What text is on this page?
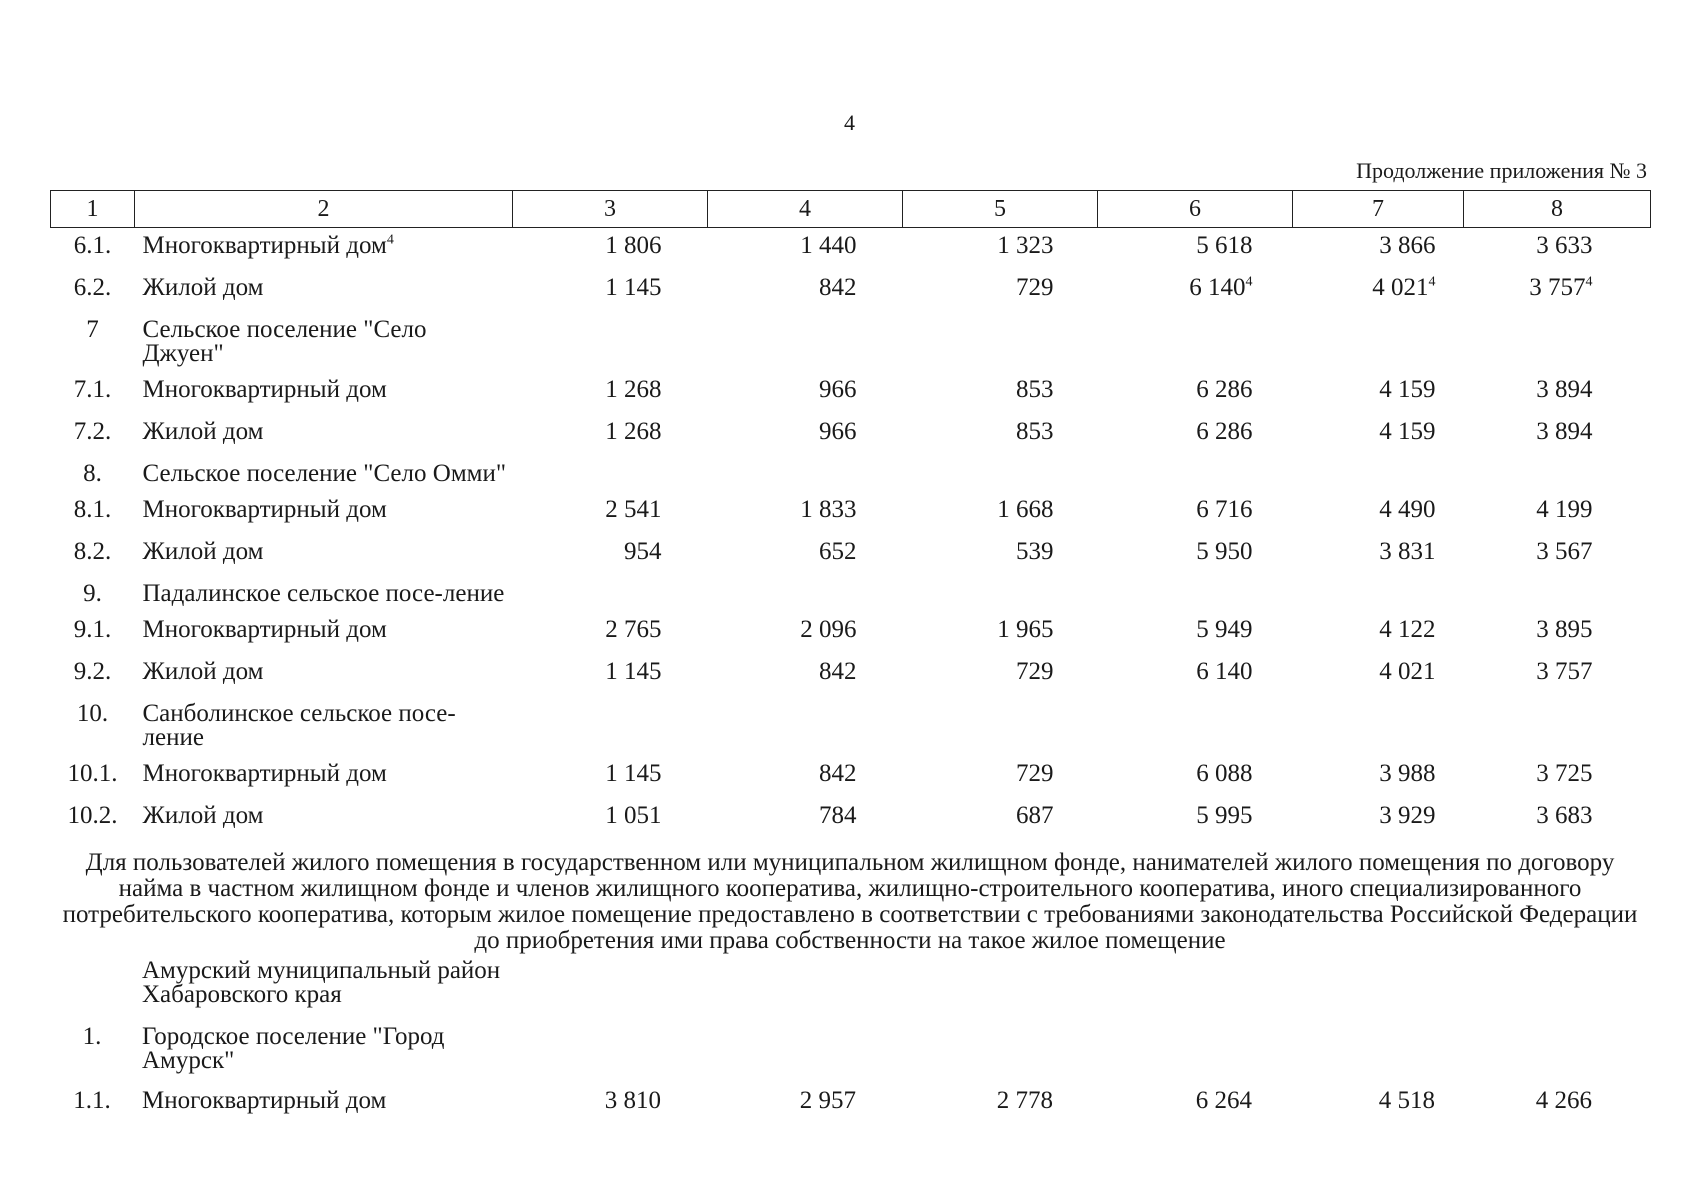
4
Продолжение приложения № 3
1	2	3	4	5	6	7	8
6.1.	Многоквартирный дом$^4$	1 806	1 440	1 323	5 618	3 866	3 633
6.2.	Жилой дом	1 145	842	729	6 $140^4$	4 $021^4$	3 $757^4$
7	Сельское поселение "Село Джуен"						
7.1.	Многоквартирный дом	1 268	966	853	6 286	4 159	3 894
7.2.	Жилой дом	1 268	966	853	6 286	4 159	3 894
8.	Сельское поселение "Село Омми"						
8.1.	Многоквартирный дом	2 541	1 833	1 668	6 716	4 490	4 199
8.2.	Жилой дом	954	652	539	5 950	3 831	3 567
9.	Падалинское сельское посе-ление						
9.1.	Многоквартирный дом	2 765	2 096	1 965	5 949	4 122	3 895
9.2.	Жилой дом	1 145	842	729	6 140	4 021	3 757
10.	Санболинское сельское посе-ление						
10.1.	Многоквартирный дом	1 145	842	729	6 088	3 988	3 725
10.2.	Жилой дом	1 051	784	687	5 995	3 929	3 683
Для пользователей жилого помещения в государственном или муниципальном жилищном фонде, нанимателей жилого помещения по договору найма в частном жилищном фонде и членов жилищного кооператива, жилищно-строительного кооператива, иного специализированного потребительского кооператива, которым жилое помещение предоставлено в соответствии с требованиями законодательства Российской Федерации до приобретения ими права собственности на такое жилое помещение
	Амурский муниципальный район Хабаровского края						
1.	Городское поселение "Город Амурск"						
1.1.	Многоквартирный дом	3 810	2 957	2 778	6 264	4 518	4 266
